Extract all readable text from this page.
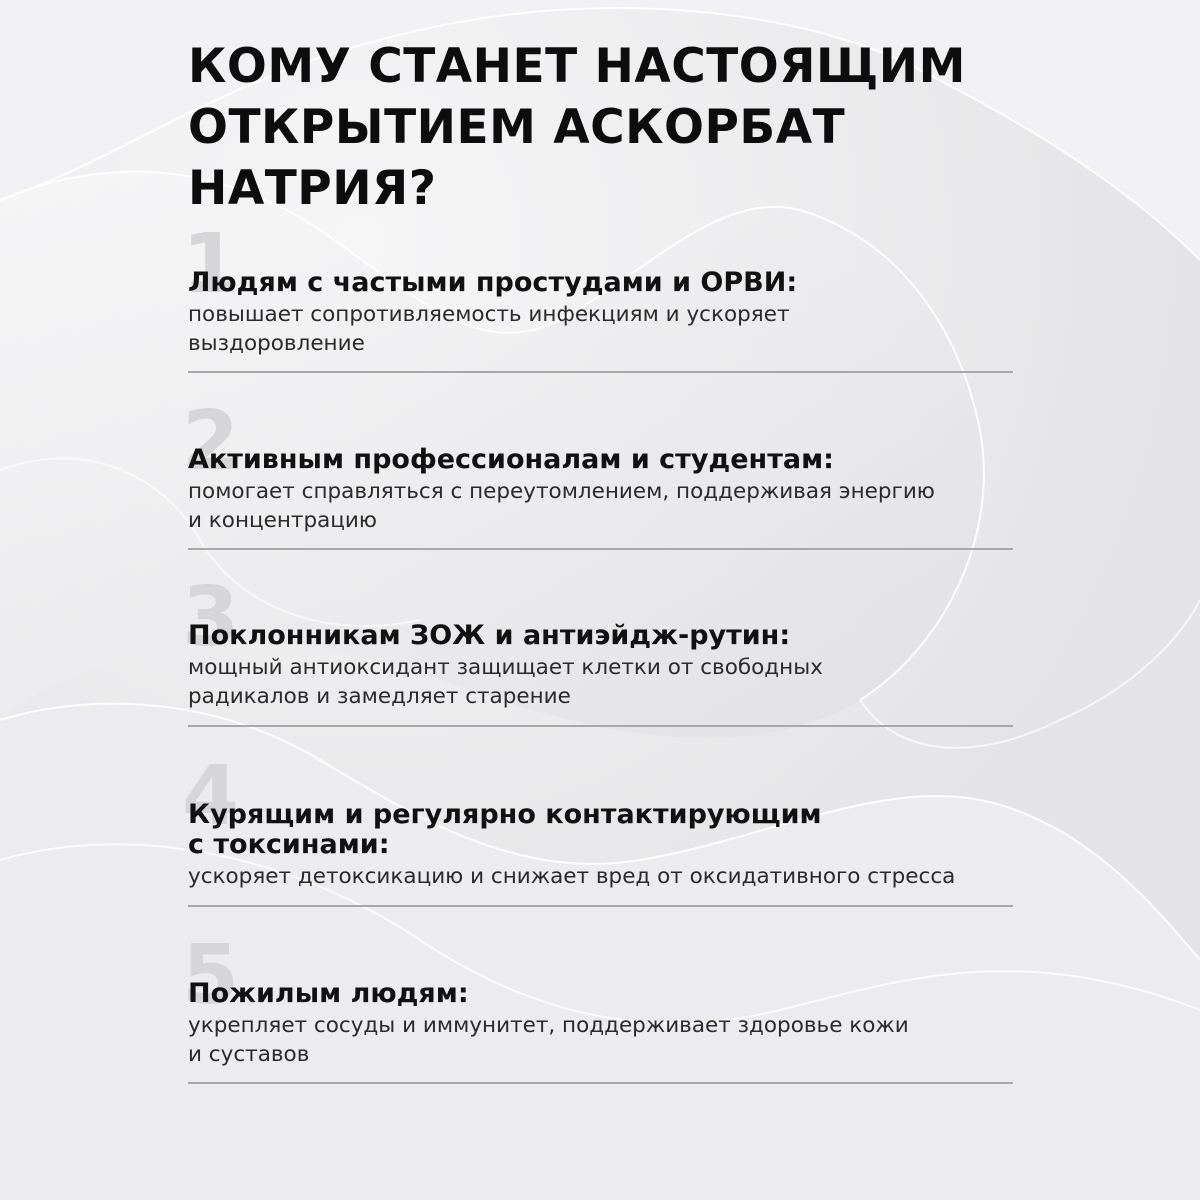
КОМУ СТАНЕТ НАСТОЯЩИМ
ОТКРЫТИЕМ АСКОРБАТ НАТРИЯ?
1
Людям с частыми простудами и ОРВИ:

повышает сопротивляемость инфекциям и ускоряет
выздоровление

2
Активным профессионалам и студентам:

помогает справляться с переутомлением, поддерживая энергию
и концентрацию

3
Поклонникам ЗОЖ и антиэйдж-рутин:

мощный антиоксидант защищает клетки от свободных
радикалов и замедляет старение

4
Курящим и регулярно контактирующим
с токсинами:

ускоряет детоксикацию и снижает вред от оксидативного стресса

5
Пожилым людям:

укрепляет сосуды и иммунитет, поддерживает здоровье кожи
и суставов
